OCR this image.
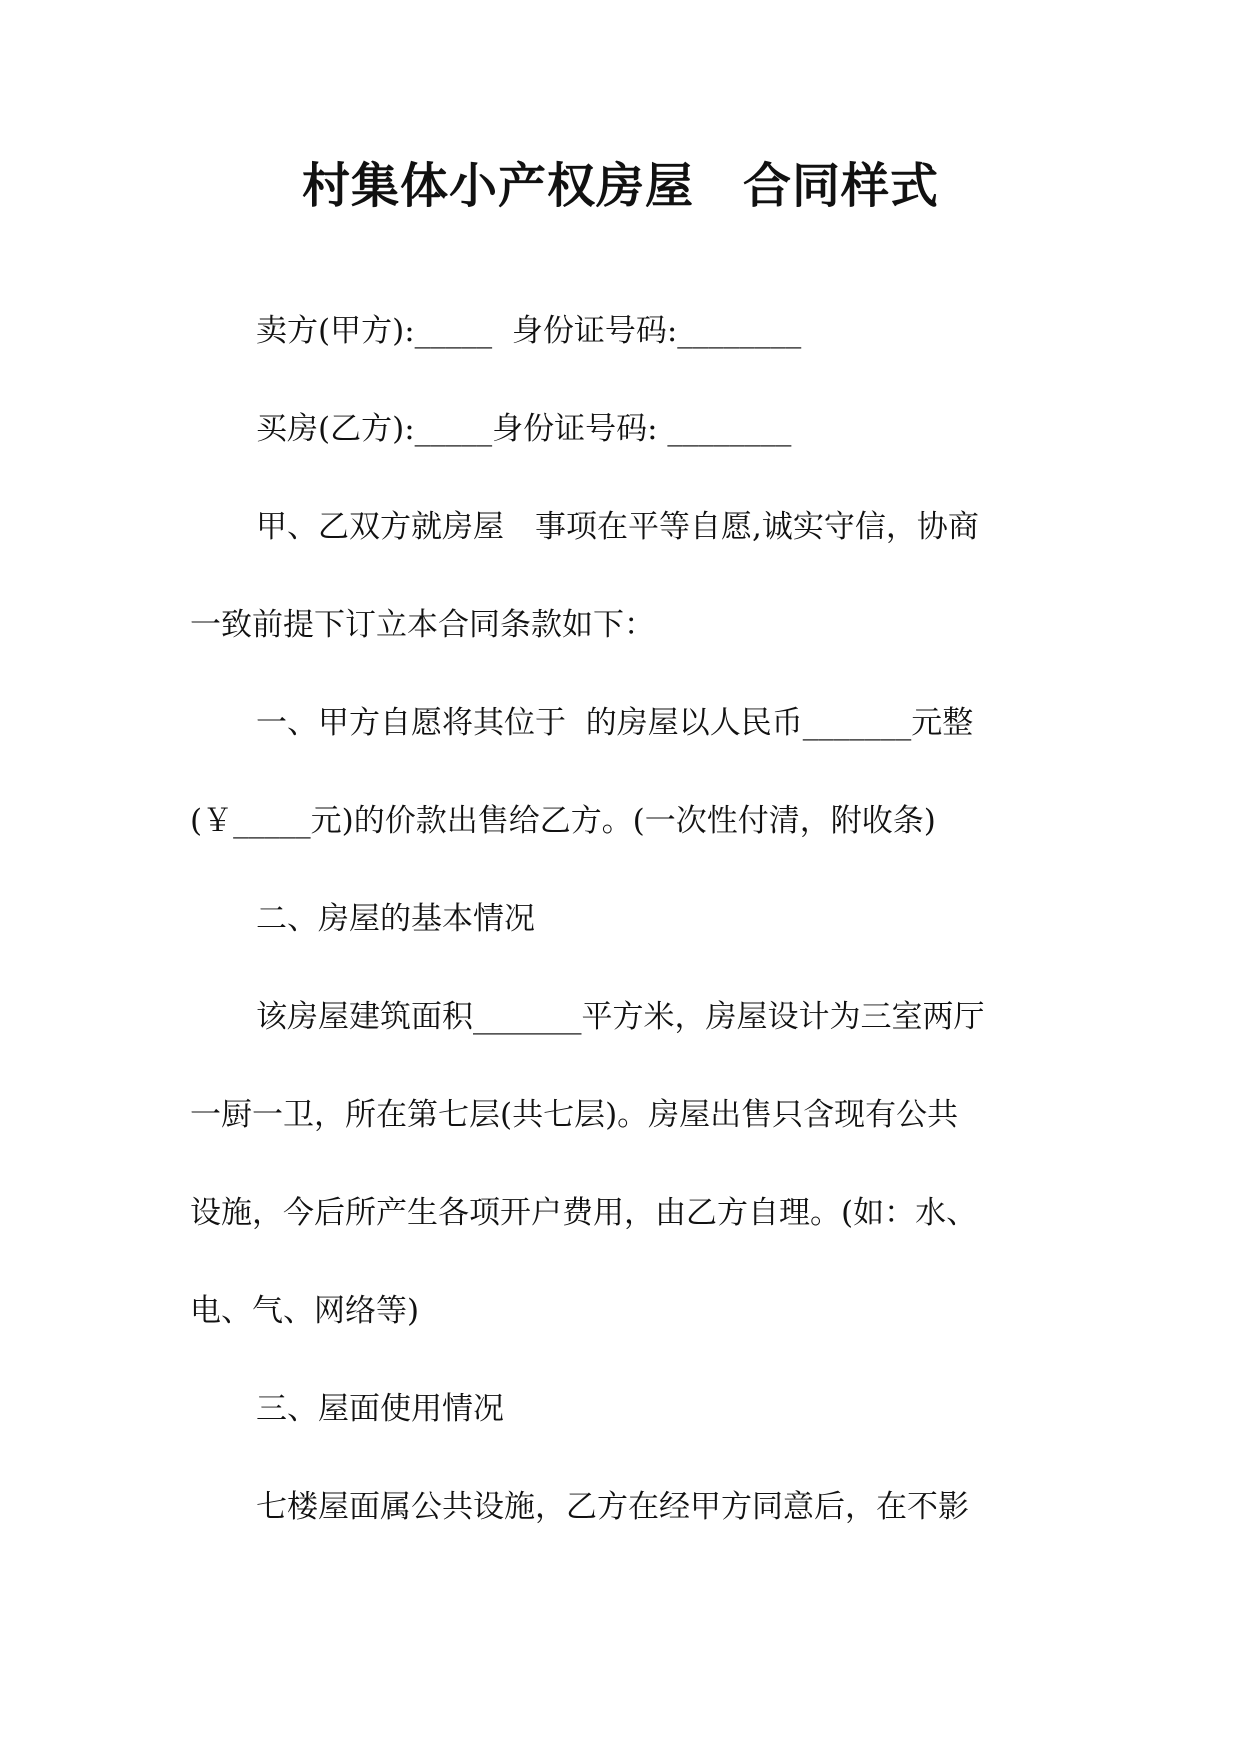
村集体小产权房屋　合同样式
卖方(甲方):_____  身份证号码:________
买房(乙方):_____身份证号码: ________
甲、乙双方就房屋　事项在平等自愿,诚实守信，协商
一致前提下订立本合同条款如下：
一、甲方自愿将其位于  的房屋以人民币_______元整
(￥_____元)的价款出售给乙方。(一次性付清，附收条)
二、房屋的基本情况
该房屋建筑面积_______平方米，房屋设计为三室两厅
一厨一卫，所在第七层(共七层)。房屋出售只含现有公共
设施，今后所产生各项开户费用，由乙方自理。(如：水、
电、气、网络等)
三、屋面使用情况
七楼屋面属公共设施，乙方在经甲方同意后，在不影
